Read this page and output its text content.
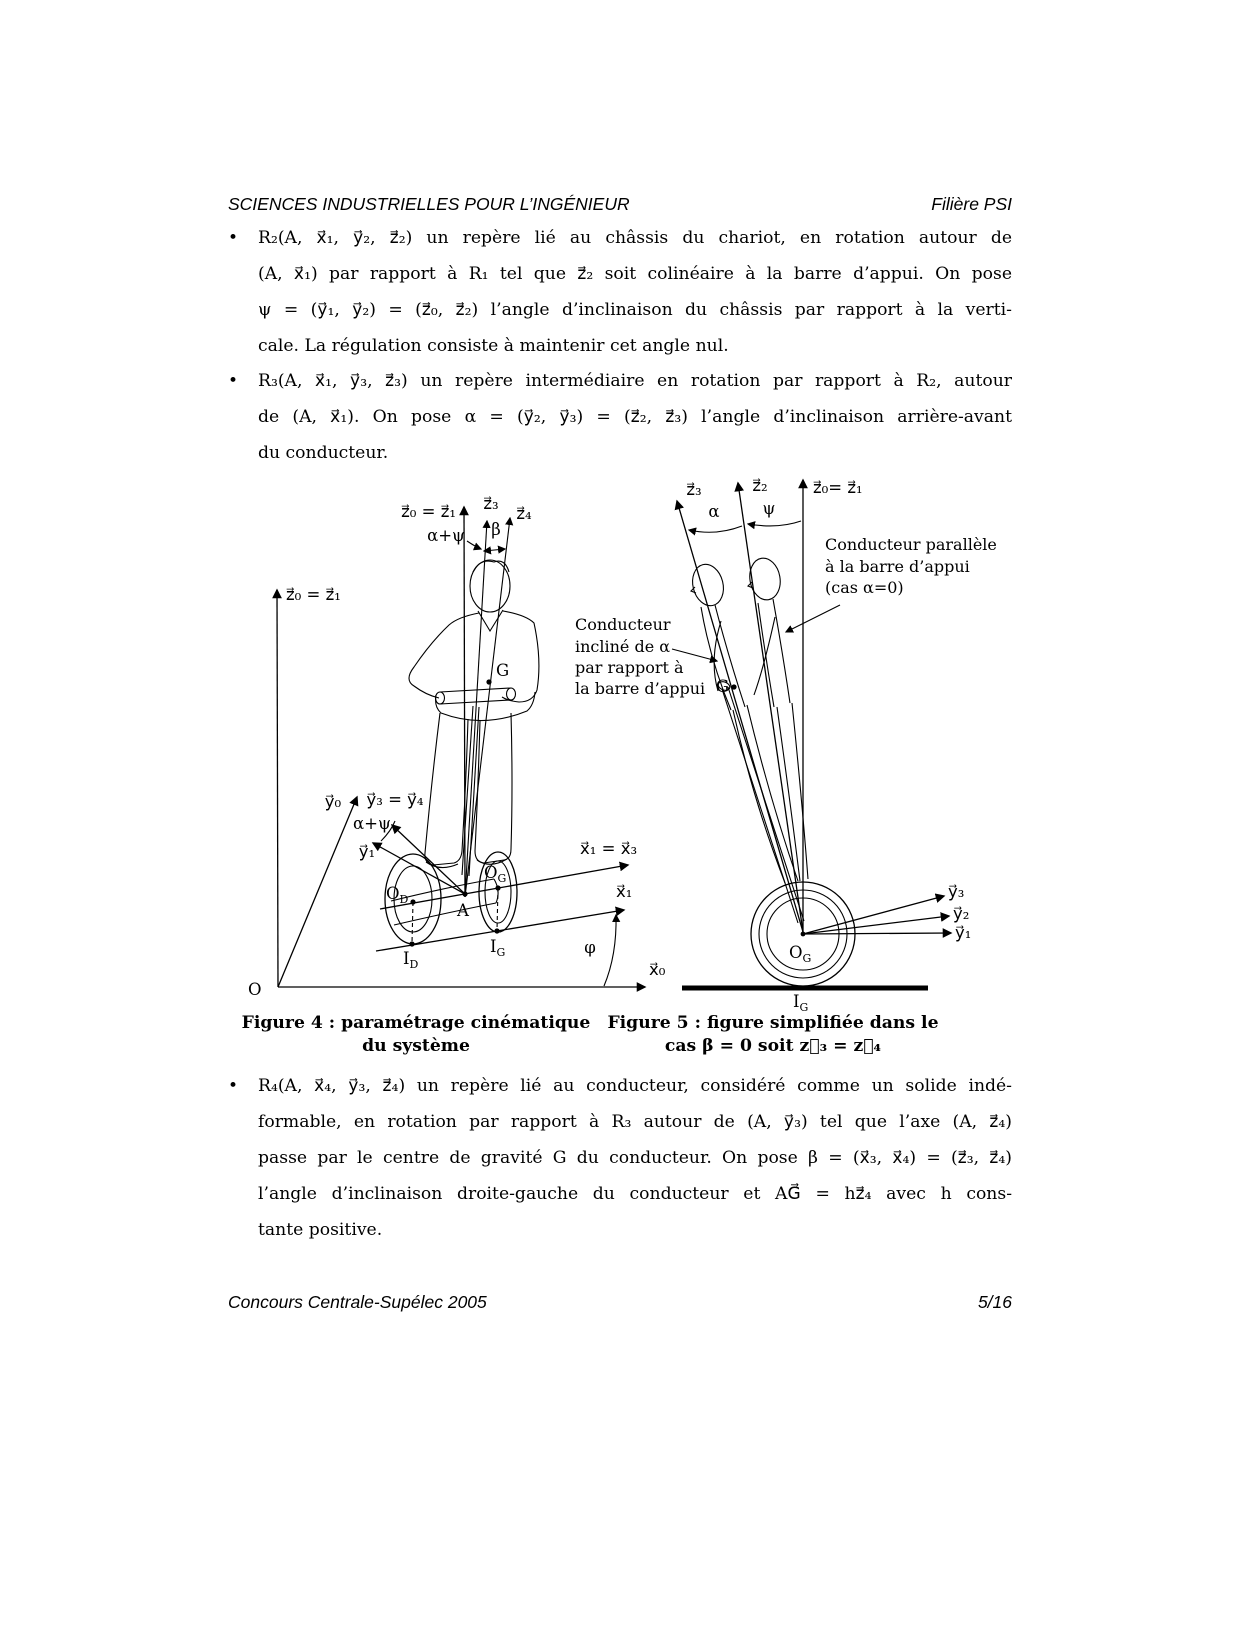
SCIENCES INDUSTRIELLES POUR L’INGÉNIEUR	Filière PSI
•	R₂(A, x⃗₁, y⃗₂, z⃗₂) un repère lié au châssis du chariot, en rotation autour de
(A, x⃗₁) par rapport à R₁ tel que z⃗₂ soit colinéaire à la barre d’appui. On pose
ψ = (y⃗₁, y⃗₂) = (z⃗₀, z⃗₂) l’angle d’inclinaison du châssis par rapport à la verti-
cale. La régulation consiste à maintenir cet angle nul.
•	R₃(A, x⃗₁, y⃗₃, z⃗₃) un repère intermédiaire en rotation par rapport à R₂, autour
de (A, x⃗₁). On pose α = (y⃗₂, y⃗₃) = (z⃗₂, z⃗₃) l’angle d’inclinaison arrière-avant
du conducteur.
O
x⃗₀
z⃗₀ = z⃗₁
y⃗₀
z⃗₀ = z⃗₁ z⃗₃
z⃗₄
α+ψ β
x⃗₁ = x⃗₃
x⃗₁
G
$O_D$
A
$O_G$
$I_D$
$I_G$
y⃗₃ = y⃗₄
α+ψ
y⃗₁
φ
z⃗₀= z⃗₁
z⃗₂
z⃗₃
ψ
α
Conducteur parallèle
à la barre d’appui
(cas α=0)
Conducteur
incliné de α
par rapport à
la barre d’appui G
$O_G$
$I_G$
y⃗₃
y⃗₂
y⃗₁
Figure 4 : paramétrage cinématique
du système
Figure 5 : figure simplifiée dans le
cas β = 0 soit z⃗₃ = z⃗₄
•	R₄(A, x⃗₄, y⃗₃, z⃗₄) un repère lié au conducteur, considéré comme un solide indé-
formable, en rotation par rapport à R₃ autour de (A, y⃗₃) tel que l’axe (A, z⃗₄)
passe par le centre de gravité G du conducteur. On pose β = (x⃗₃, x⃗₄) = (z⃗₃, z⃗₄)
l’angle d’inclinaison droite-gauche du conducteur et AG⃗ = hz⃗₄ avec h cons-
tante positive.
Concours Centrale-Supélec 2005	5/16
